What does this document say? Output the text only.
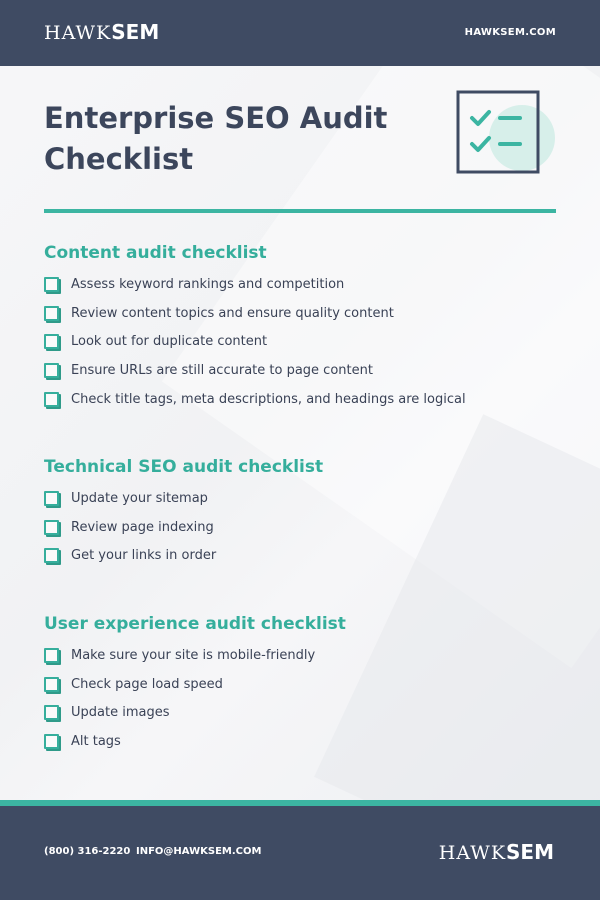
HAWKSEM	HAWKSEM.COM
Enterprise SEO Audit Checklist
Content audit checklist
Assess keyword rankings and competition
Review content topics and ensure quality content
Look out for duplicate content
Ensure URLs are still accurate to page content
Check title tags, meta descriptions, and headings are logical
Technical SEO audit checklist
Update your sitemap
Review page indexing
Get your links in order
User experience audit checklist
Make sure your site is mobile-friendly
Check page load speed
Update images
Alt tags
(800) 316-2220 INFO@HAWKSEM.COM	HAWKSEM
